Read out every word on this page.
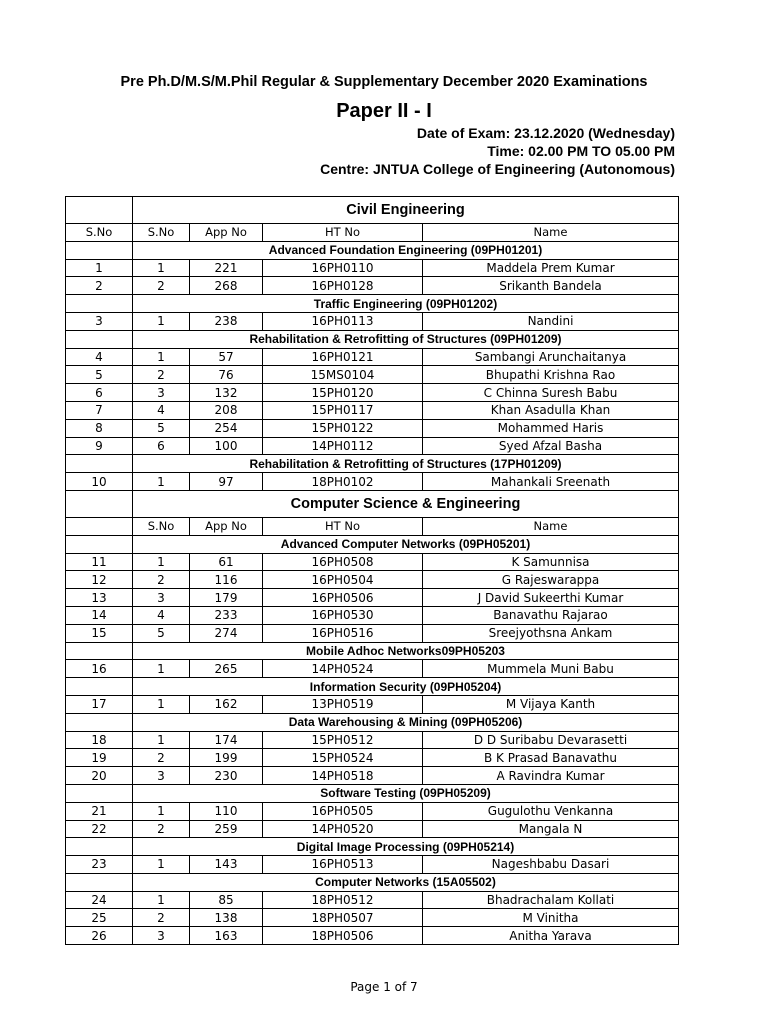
Pre Ph.D/M.S/M.Phil Regular & Supplementary December 2020 Examinations
Paper II - I
Date of Exam: 23.12.2020 (Wednesday)
Time: 02.00 PM TO 05.00 PM
Centre: JNTUA College of Engineering (Autonomous)
	Civil Engineering			
S.No	S.No	App No	HT No	Name
	Advanced Foundation Engineering (09PH01201)			
1	1	221	16PH0110	Maddela Prem Kumar
2	2	268	16PH0128	Srikanth Bandela
	Traffic Engineering (09PH01202)			
3	1	238	16PH0113	Nandini
	Rehabilitation & Retrofitting of Structures (09PH01209)			
4	1	57	16PH0121	Sambangi Arunchaitanya
5	2	76	15MS0104	Bhupathi Krishna Rao
6	3	132	15PH0120	C Chinna Suresh Babu
7	4	208	15PH0117	Khan Asadulla Khan
8	5	254	15PH0122	Mohammed Haris
9	6	100	14PH0112	Syed Afzal Basha
	Rehabilitation & Retrofitting of Structures (17PH01209)			
10	1	97	18PH0102	Mahankali Sreenath
	Computer Science & Engineering			
	S.No	App No	HT No	Name
	Advanced Computer Networks (09PH05201)			
11	1	61	16PH0508	K Samunnisa
12	2	116	16PH0504	G Rajeswarappa
13	3	179	16PH0506	J David Sukeerthi Kumar
14	4	233	16PH0530	Banavathu Rajarao
15	5	274	16PH0516	Sreejyothsna Ankam
	Mobile Adhoc Networks09PH05203			
16	1	265	14PH0524	Mummela Muni Babu
	Information Security (09PH05204)			
17	1	162	13PH0519	M Vijaya Kanth
	Data Warehousing & Mining (09PH05206)			
18	1	174	15PH0512	D D Suribabu Devarasetti
19	2	199	15PH0524	B K Prasad Banavathu
20	3	230	14PH0518	A Ravindra Kumar
	Software Testing (09PH05209)			
21	1	110	16PH0505	Gugulothu Venkanna
22	2	259	14PH0520	Mangala N
	Digital Image Processing (09PH05214)			
23	1	143	16PH0513	Nageshbabu Dasari
	Computer Networks (15A05502)			
24	1	85	18PH0512	Bhadrachalam Kollati
25	2	138	18PH0507	M Vinitha
26	3	163	18PH0506	Anitha Yarava
Page 1 of 7
